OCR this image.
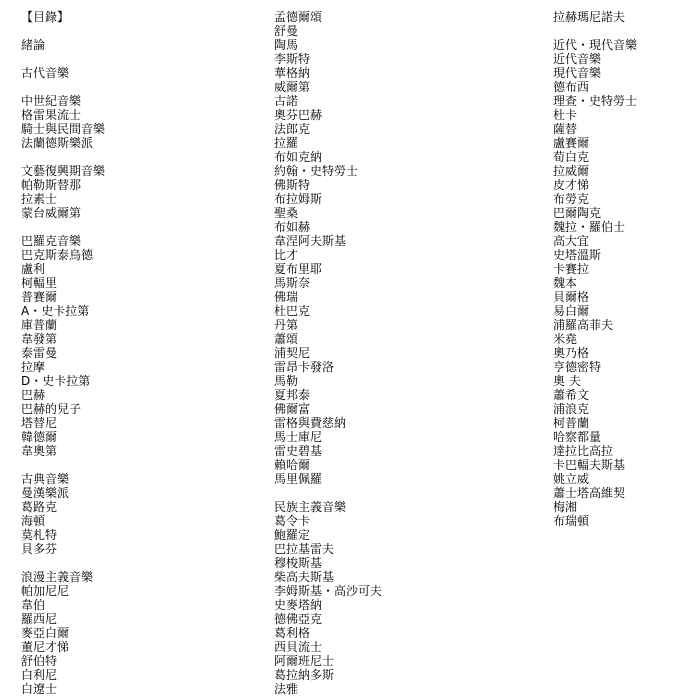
【目錄】
緒論
古代音樂
中世紀音樂
格雷果流士
騎士與民間音樂
法蘭德斯樂派
文藝復興期音樂
帕勒斯替那
拉素士
蒙台威爾第
巴羅克音樂
巴克斯泰烏德
盧利
柯輻里
普賽爾
A・史卡拉第
庫普蘭
韋發第
泰雷曼
拉摩
D・史卡拉第
巴赫
巴赫的兒子
塔替尼
韓德爾
韋奧第
古典音樂
曼漢樂派
葛路克
海頓
莫札特
貝多芬
浪漫主義音樂
帕加尼尼
韋伯
羅西尼
麥亞白爾
董尼才悌
舒伯特
白利尼
白遼士
孟德爾頌
舒曼
陶馬
李斯特
華格納
威爾第
古諾
奧芬巴赫
法郎克
拉羅
布如克納
約翰・史特勞士
佛斯特
布拉姆斯
聖桑
布如赫
韋涅阿夫斯基
比才
夏布里耶
馬斯奈
佛瑞
杜巴克
丹第
蕭頌
浦契尼
雷昂卡發洛
馬勒
夏邦泰
佛爾富
雷格與費慈納
馬士庫尼
雷史碧基
賴哈爾
馬里佩羅
民族主義音樂
葛令卡
鮑羅定
巴拉基雷夫
穆梭斯基
柴高夫斯基
李姆斯基・高沙可夫
史麥塔納
德佛亞克
葛利格
西貝流士
阿爾班尼士
葛拉納多斯
法雅
拉赫瑪尼諾夫
近代・現代音樂
近代音樂
現代音樂
德布西
理查・史特勞士
杜卡
薩替
盧賽爾
荀白克
拉威爾
皮才悌
布勞克
巴爾陶克
魏拉・羅伯士
高大宜
史塔溫斯
卡賽拉
魏本
貝爾格
易白爾
浦羅高菲夫
米堯
奧乃格
亨德密特
奧 夫
蕭希文
浦浪克
柯普蘭
哈察都量
達拉比高拉
卡巴輻夫斯基
姚立威
蕭士塔高維契
梅湘
布瑞頓
